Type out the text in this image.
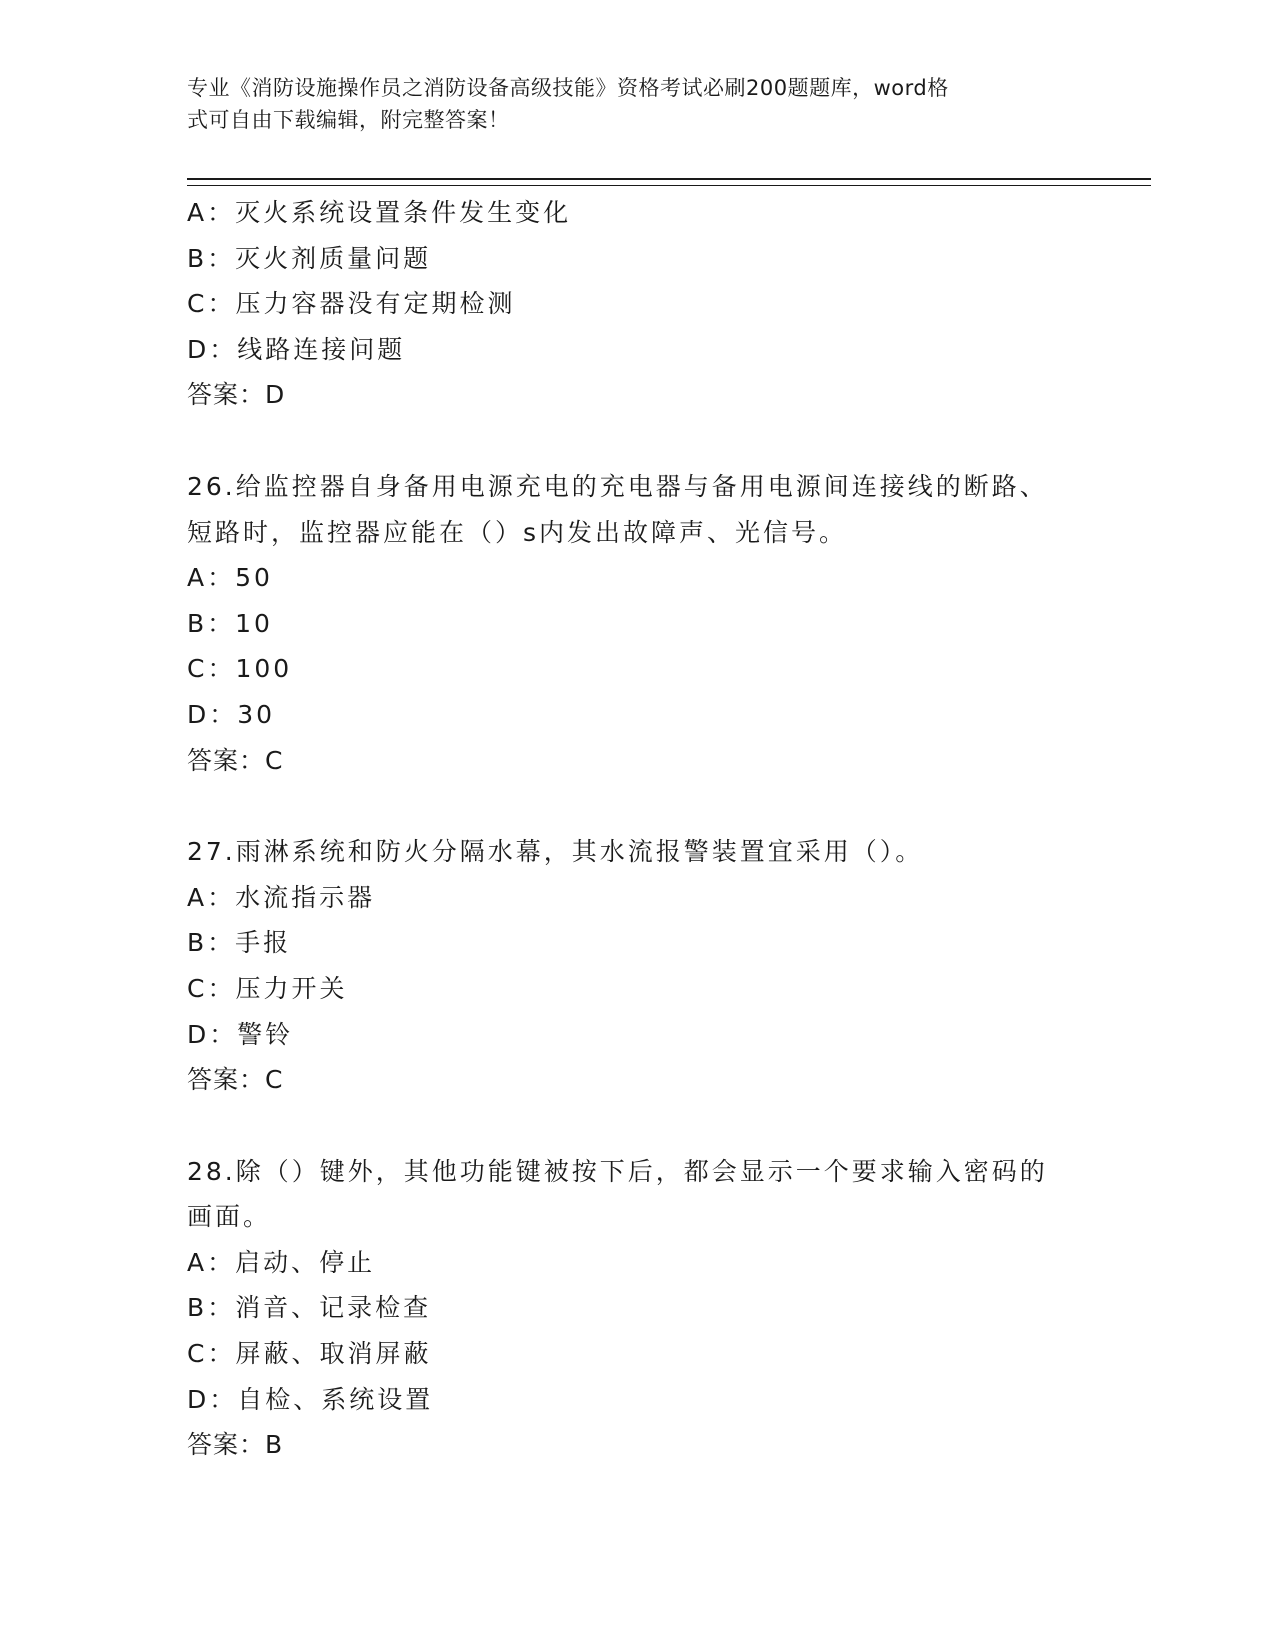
专业《消防设施操作员之消防设备高级技能》资格考试必刷200题题库，word格
式可自由下载编辑，附完整答案！
A：灭火系统设置条件发生变化
B：灭火剂质量问题
C：压力容器没有定期检测
D：线路连接问题
答案：D
26.给监控器自身备用电源充电的充电器与备用电源间连接线的断路、
短路时，监控器应能在（）s内发出故障声、光信号。
A：50
B：10
C：100
D：30
答案：C
27.雨淋系统和防火分隔水幕，其水流报警装置宜采用（）。
A：水流指示器
B：手报
C：压力开关
D：警铃
答案：C
28.除（）键外，其他功能键被按下后，都会显示一个要求输入密码的
画面。
A：启动、停止
B：消音、记录检查
C：屏蔽、取消屏蔽
D：自检、系统设置
答案：B
